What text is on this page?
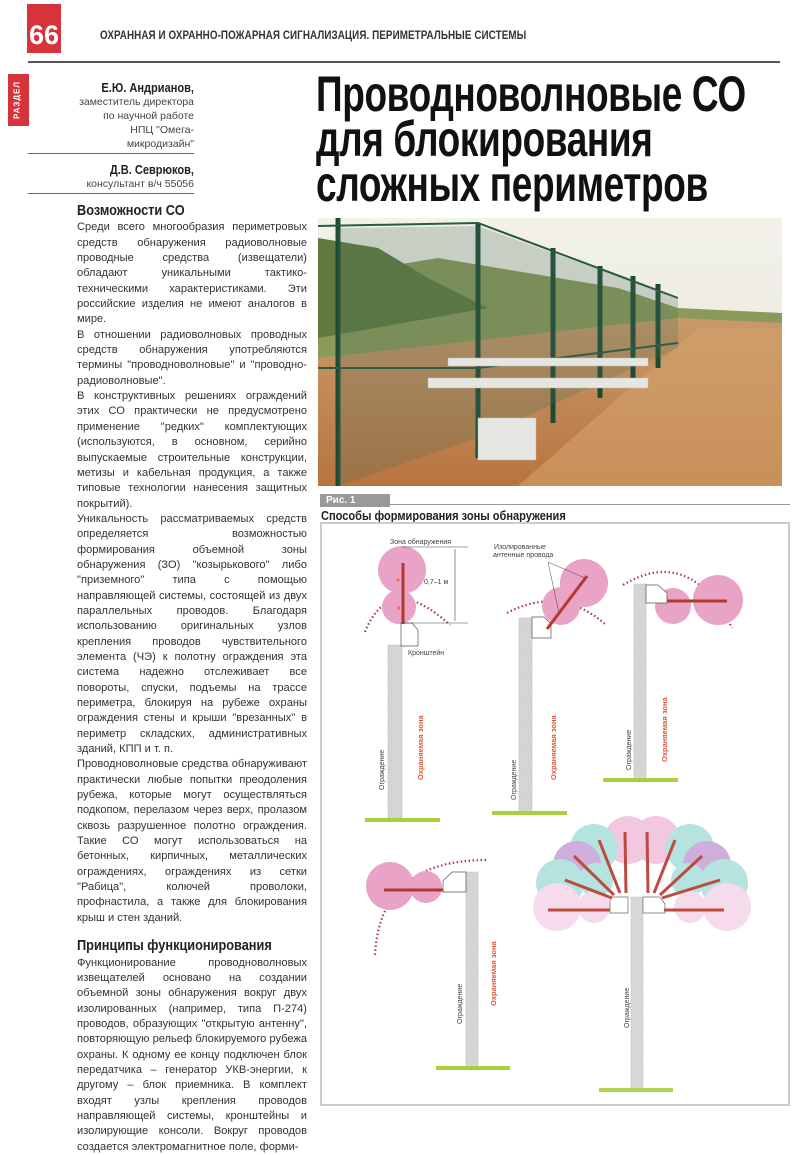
66	ОХРАННАЯ И ОХРАННО-ПОЖАРНАЯ СИГНАЛИЗАЦИЯ. ПЕРИМЕТРАЛЬНЫЕ СИСТЕМЫ
РАЗДЕЛ	Е.Ю. Андрианов,
заместитель директора
по научной работе
НПЦ "Омега-микродизайн"
Д.В. Севрюков,
консультант в/ч 55056
Проводноволновые СО
для блокирования
сложных периметров
Возможности СО

Среди всего многообразия периметровых средств обнаружения радиоволновые проводные средства (извещатели) обладают уникальными тактико-техническими характеристиками. Эти российские изделия не имеют аналогов в мире.

В отношении радиоволновых проводных средств обнаружения употребляются термины "проводноволновые" и "проводно-радиоволновые".

В конструктивных решениях ограждений этих СО практически не предусмотрено применение "редких" комплектующих (используются, в основном, серийно выпускаемые строительные конструкции, метизы и кабельная продукция, а также типовые технологии нанесения защитных покрытий).

Уникальность рассматриваемых средств определяется возможностью формирования объемной зоны обнаружения (ЗО) "козырькового" либо "приземного" типа с помощью направляющей системы, состоящей из двух параллельных проводов. Благодаря использованию оригинальных узлов крепления проводов чувствительного элемента (ЧЭ) к полотну ограждения эта система надежно отслеживает все повороты, спуски, подъемы на трассе периметра, блокируя на рубеже охраны ограждения стены и крыши "врезанных" в периметр складских, административных зданий, КПП и т. п.

Проводноволновые средства обнаруживают практически любые попытки преодоления рубежа, которые могут осуществляться подкопом, перелазом через верх, пролазом сквозь разрушенное полотно ограждения. Такие СО могут использоваться на бетонных, кирпичных, металлических ограждениях, ограждениях из сетки "Рабица", колючей проволоки, профнастила, а также для блокирования крыш и стен зданий.

Принципы функционирования

Функционирование проводноволновых извещателей основано на создании объемной зоны обнаружения вокруг двух изолированных (например, типа П-274) проводов, образующих "открытую антенну", повторяющую рельеф блокируемого рубежа охраны. К одному ее концу подключен блок передатчика – генератор УКВ-энергии, к другому – блок приемника. В комплект входят узлы крепления проводов направляющей системы, кронштейны и изолирующие консоли. Вокруг проводов создается электромагнитное поле, форми-

Рис. 1
Способы формирования зоны обнаружения
Зона обнаружения
0,7–1 м
Кронштейн
Ограждение	Охраняемая зона
Изолированные
антенные провода
Ограждение	Охраняемая зона	Ограждение	Охраняемая зона
Ограждение	Охраняемая зона
Ограждение
